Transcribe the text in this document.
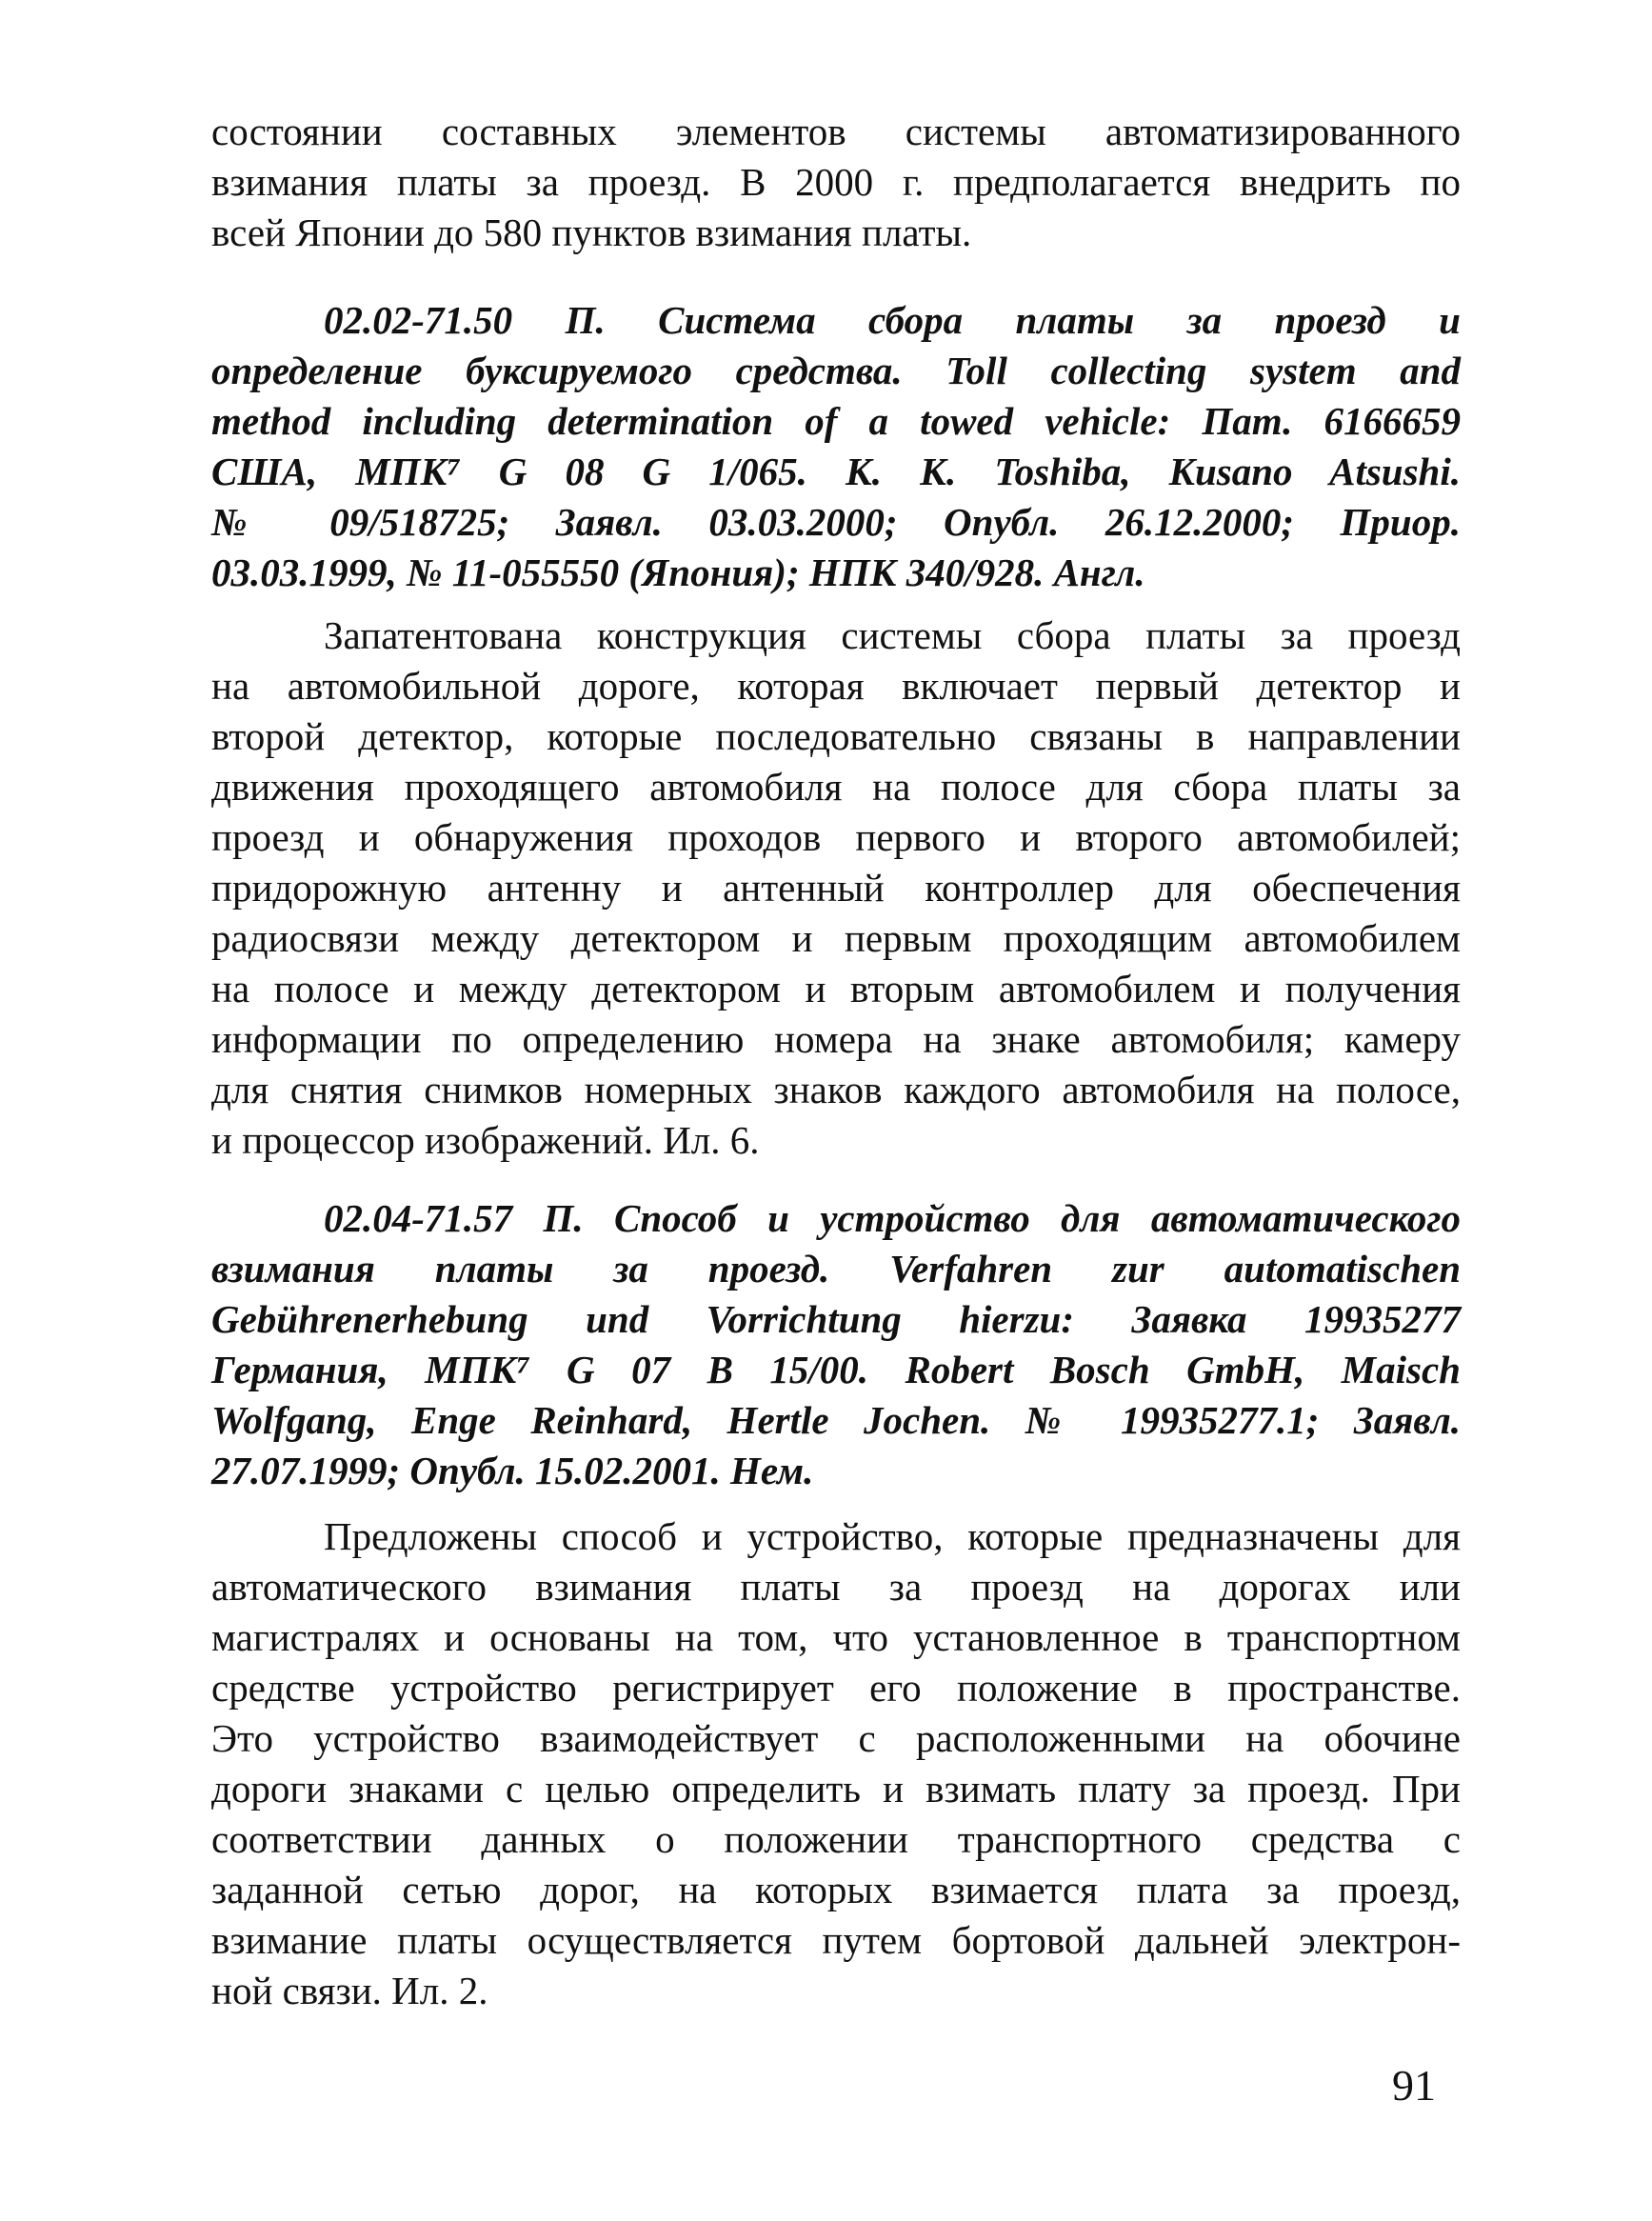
состоянии составных элементов системы автоматизированного
взимания платы за проезд. В 2000 г. предполагается внедрить по
всей Японии до 580 пунктов взимания платы.
02.02-71.50 П. Система сбора платы за проезд и
определение буксируемого средства. Toll collecting system and
method including determination of a towed vehicle: Пат. 6166659
США, МПК⁷ G 08 G 1/065. К. К. Toshiba, Kusano Atsushi.
№ 09/518725; Заявл. 03.03.2000; Опубл. 26.12.2000; Приор.
03.03.1999, № 11-055550 (Япония); НПК 340/928. Англ.
Запатентована конструкция системы сбора платы за проезд
на автомобильной дороге, которая включает первый детектор и
второй детектор, которые последовательно связаны в направлении
движения проходящего автомобиля на полосе для сбора платы за
проезд и обнаружения проходов первого и второго автомобилей;
придорожную антенну и антенный контроллер для обеспечения
радиосвязи между детектором и первым проходящим автомобилем
на полосе и между детектором и вторым автомобилем и получения
информации по определению номера на знаке автомобиля; камеру
для снятия снимков номерных знаков каждого автомобиля на полосе,
и процессор изображений. Ил. 6.
02.04-71.57 П. Способ и устройство для автоматического
взимания платы за проезд. Verfahren zur automatischen
Gebührenerhebung und Vorrichtung hierzu: Заявка 19935277
Германия, МПК⁷ G 07 B 15/00. Robert Bosch GmbH, Maisch
Wolfgang, Enge Reinhard, Hertle Jochen. № 19935277.1; Заявл.
27.07.1999; Опубл. 15.02.2001. Нем.
Предложены способ и устройство, которые предназначены для
автоматического взимания платы за проезд на дорогах или
магистралях и основаны на том, что установленное в транспортном
средстве устройство регистрирует его положение в пространстве.
Это устройство взаимодействует с расположенными на обочине
дороги знаками с целью определить и взимать плату за проезд. При
соответствии данных о положении транспортного средства с
заданной сетью дорог, на которых взимается плата за проезд,
взимание платы осуществляется путем бортовой дальней электрон-
ной связи. Ил. 2.
91
